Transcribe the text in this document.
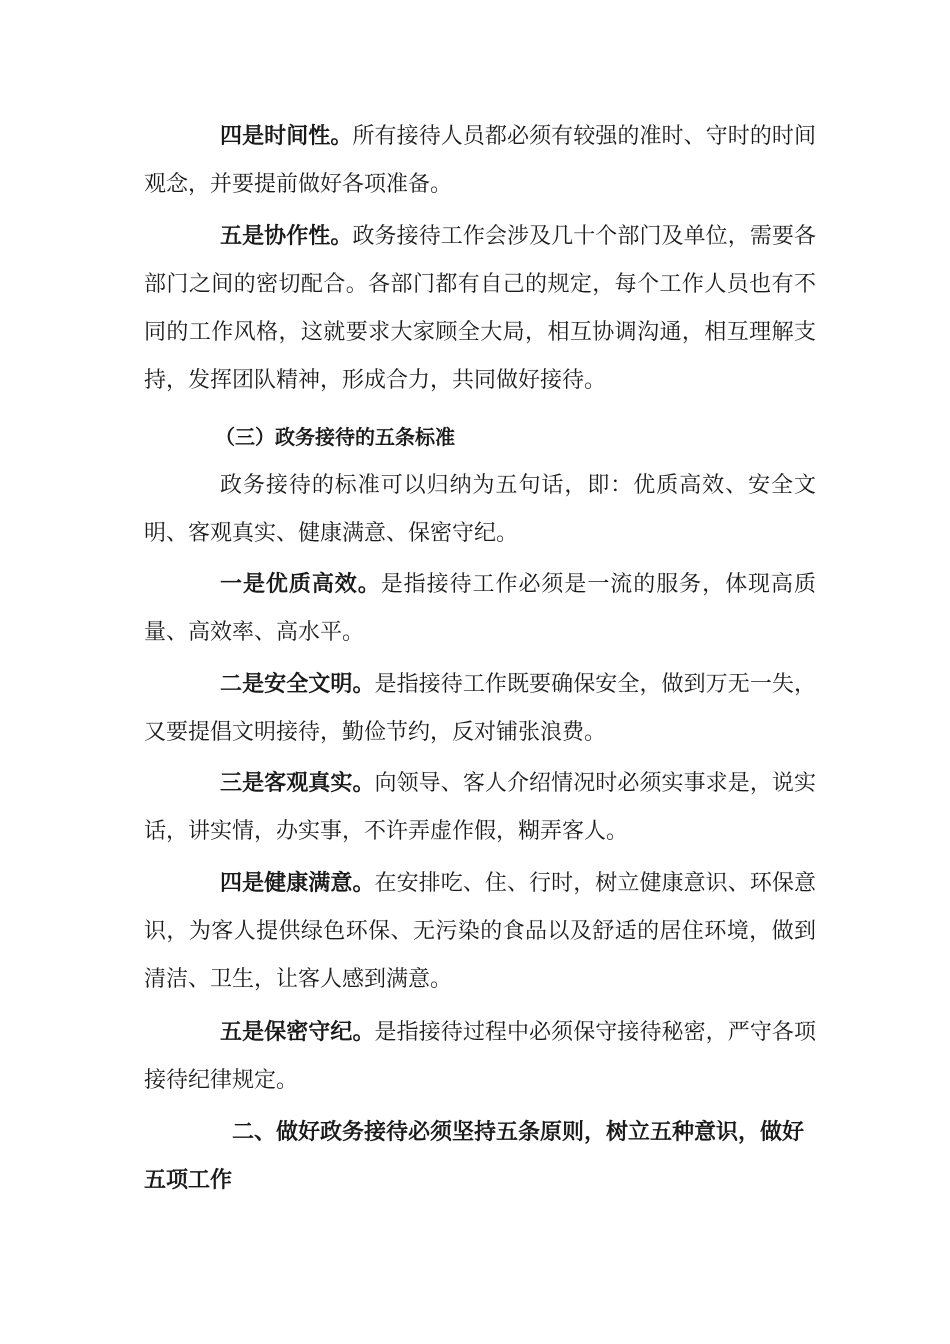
四是时间性。所有接待人员都必须有较强的准时、守时的时间观念，并要提前做好各项准备。

五是协作性。政务接待工作会涉及几十个部门及单位，需要各部门之间的密切配合。各部门都有自己的规定，每个工作人员也有不同的工作风格，这就要求大家顾全大局，相互协调沟通，相互理解支持，发挥团队精神，形成合力，共同做好接待。

（三）政务接待的五条标准

政务接待的标准可以归纳为五句话，即：优质高效、安全文明、客观真实、健康满意、保密守纪。

一是优质高效。是指接待工作必须是一流的服务，体现高质量、高效率、高水平。

二是安全文明。是指接待工作既要确保安全，做到万无一失，又要提倡文明接待，勤俭节约，反对铺张浪费。

三是客观真实。向领导、客人介绍情况时必须实事求是，说实话，讲实情，办实事，不许弄虚作假，糊弄客人。

四是健康满意。在安排吃、住、行时，树立健康意识、环保意识，为客人提供绿色环保、无污染的食品以及舒适的居住环境，做到清洁、卫生，让客人感到满意。

五是保密守纪。是指接待过程中必须保守接待秘密，严守各项接待纪律规定。

二、做好政务接待必须坚持五条原则，树立五种意识，做好五项工作
